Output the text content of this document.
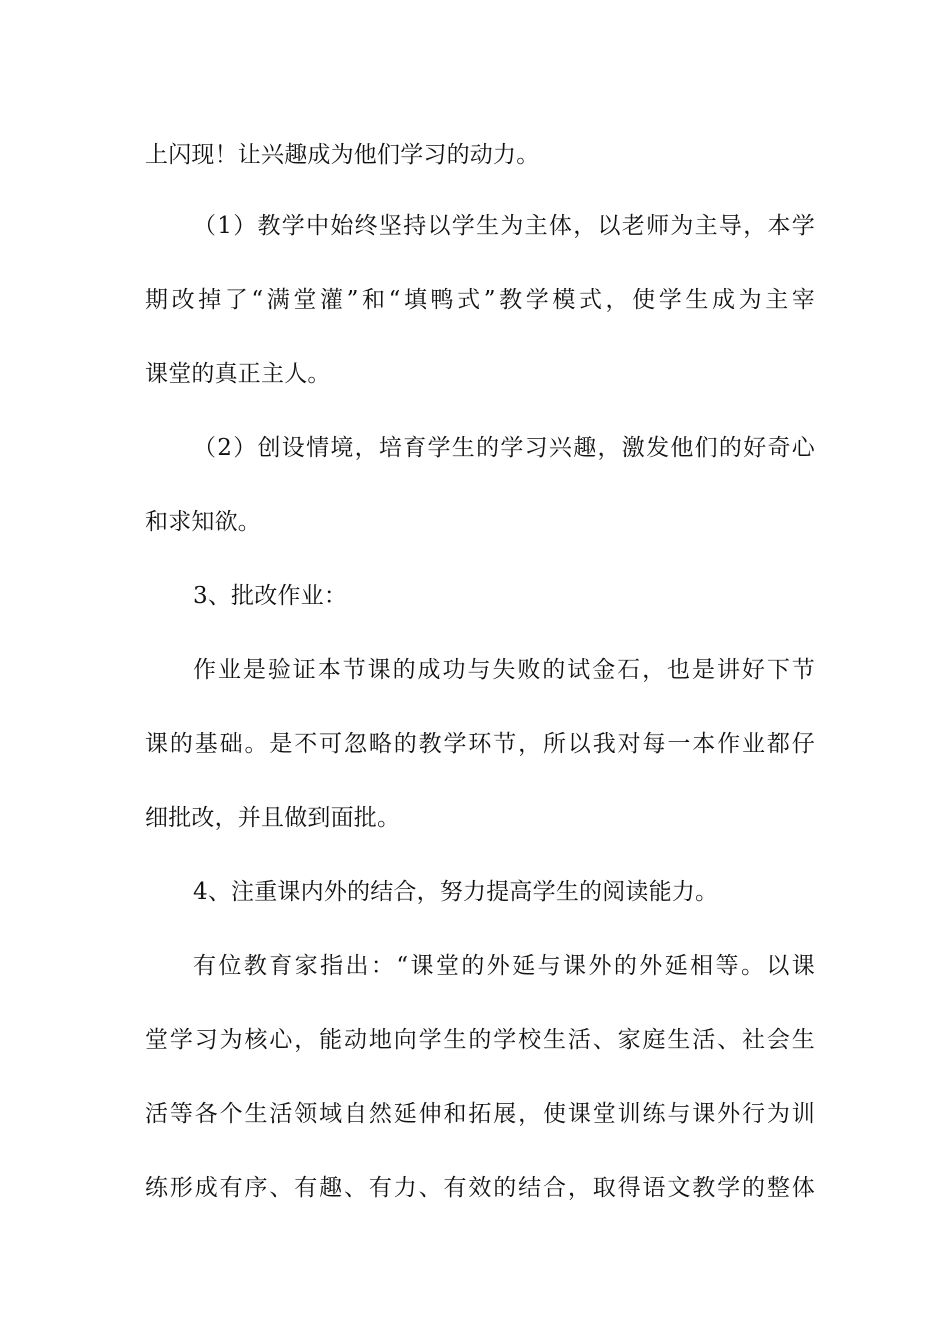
上闪现！让兴趣成为他们学习的动力。
（1）教学中始终坚持以学生为主体，以老师为主导，本学
期改掉了“满堂灌”和“填鸭式”教学模式，使学生成为主宰
课堂的真正主人。
（2）创设情境，培育学生的学习兴趣，激发他们的好奇心
和求知欲。
3、批改作业：
作业是验证本节课的成功与失败的试金石，也是讲好下节
课的基础。是不可忽略的教学环节，所以我对每一本作业都仔
细批改，并且做到面批。
4、注重课内外的结合，努力提高学生的阅读能力。
有位教育家指出：“课堂的外延与课外的外延相等。以课
堂学习为核心，能动地向学生的学校生活、家庭生活、社会生
活等各个生活领域自然延伸和拓展，使课堂训练与课外行为训
练形成有序、有趣、有力、有效的结合，取得语文教学的整体
